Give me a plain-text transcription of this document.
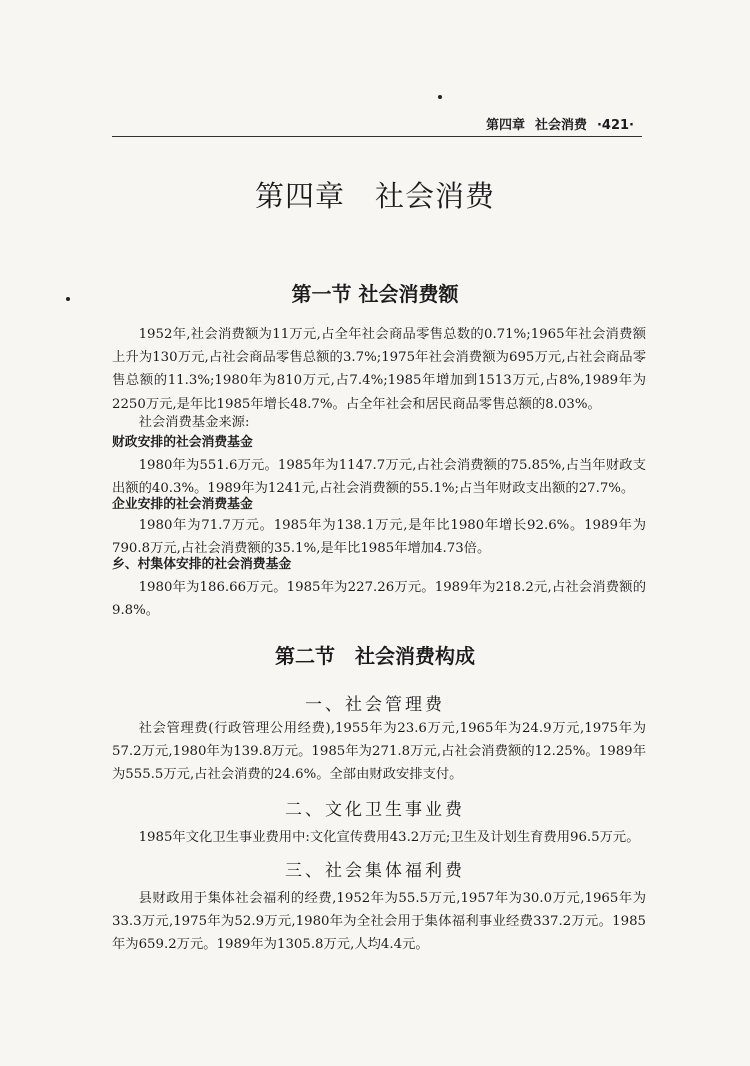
第四章 社会消费 ·421·
第四章　社会消费
第一节 社会消费额
1952年,社会消费额为11万元,占全年社会商品零售总数的0.71%;1965年社会消费额上升为130万元,占社会商品零售总额的3.7%;1975年社会消费额为695万元,占社会商品零售总额的11.3%;1980年为810万元,占7.4%;1985年增加到1513万元,占8%,1989年为2250万元,是年比1985年增长48.7%。占全年社会和居民商品零售总额的8.03%。
社会消费基金来源:
财政安排的社会消费基金
1980年为551.6万元。1985年为1147.7万元,占社会消费额的75.85%,占当年财政支出额的40.3%。1989年为1241元,占社会消费额的55.1%;占当年财政支出额的27.7%。
企业安排的社会消费基金
1980年为71.7万元。1985年为138.1万元,是年比1980年增长92.6%。1989年为790.8万元,占社会消费额的35.1%,是年比1985年增加4.73倍。
乡、村集体安排的社会消费基金
1980年为186.66万元。1985年为227.26万元。1989年为218.2元,占社会消费额的9.8%。
第二节　社会消费构成
一、社会管理费
社会管理费(行政管理公用经费),1955年为23.6万元,1965年为24.9万元,1975年为57.2万元,1980年为139.8万元。1985年为271.8万元,占社会消费额的12.25%。1989年为555.5万元,占社会消费的24.6%。全部由财政安排支付。
二、文化卫生事业费
1985年文化卫生事业费用中:文化宣传费用43.2万元;卫生及计划生育费用96.5万元。
三、社会集体福利费
县财政用于集体社会福利的经费,1952年为55.5万元,1957年为30.0万元,1965年为33.3万元,1975年为52.9万元,1980年为全社会用于集体福利事业经费337.2万元。1985年为659.2万元。1989年为1305.8万元,人均4.4元。
